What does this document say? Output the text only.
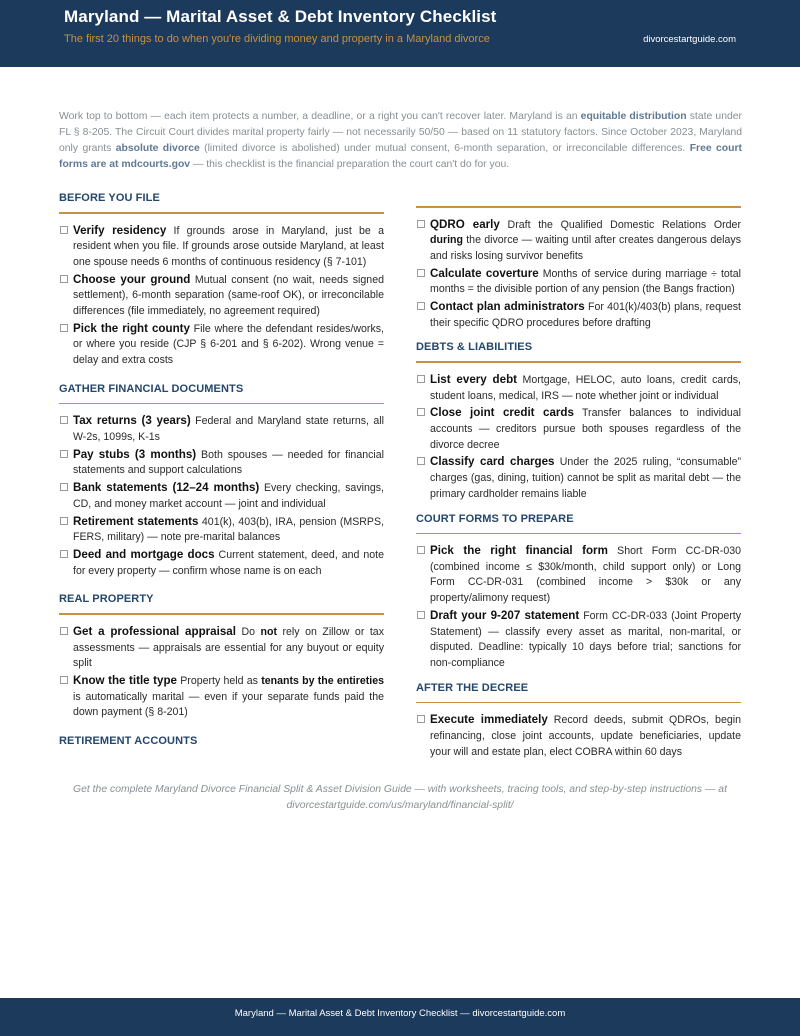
Maryland — Marital Asset & Debt Inventory Checklist
The first 20 things to do when you're dividing money and property in a Maryland divorce	divorcestartguide.com
Work top to bottom — each item protects a number, a deadline, or a right you can't recover later. Maryland is an equitable distribution state under FL § 8-205. The Circuit Court divides marital property fairly — not necessarily 50/50 — based on 11 statutory factors. Since October 2023, Maryland only grants absolute divorce (limited divorce is abolished) under mutual consent, 6-month separation, or irreconcilable differences. Free court forms are at mdcourts.gov — this checklist is the financial preparation the court can't do for you.
BEFORE YOU FILE
Verify residency If grounds arose in Maryland, just be a resident when you file. If grounds arose outside Maryland, at least one spouse needs 6 months of continuous residency (§ 7-101)
Choose your ground Mutual consent (no wait, needs signed settlement), 6-month separation (same-roof OK), or irreconcilable differences (file immediately, no agreement required)
Pick the right county File where the defendant resides/works, or where you reside (CJP § 6-201 and § 6-202). Wrong venue = delay and extra costs
GATHER FINANCIAL DOCUMENTS
Tax returns (3 years) Federal and Maryland state returns, all W-2s, 1099s, K-1s
Pay stubs (3 months) Both spouses — needed for financial statements and support calculations
Bank statements (12–24 months) Every checking, savings, CD, and money market account — joint and individual
Retirement statements 401(k), 403(b), IRA, pension (MSRPS, FERS, military) — note pre-marital balances
Deed and mortgage docs Current statement, deed, and note for every property — confirm whose name is on each
REAL PROPERTY
Get a professional appraisal Do not rely on Zillow or tax assessments — appraisals are essential for any buyout or equity split
Know the title type Property held as tenants by the entireties is automatically marital — even if your separate funds paid the down payment (§ 8-201)
RETIREMENT ACCOUNTS
QDRO early Draft the Qualified Domestic Relations Order during the divorce — waiting until after creates dangerous delays and risks losing survivor benefits
Calculate coverture Months of service during marriage ÷ total months = the divisible portion of any pension (the Bangs fraction)
Contact plan administrators For 401(k)/403(b) plans, request their specific QDRO procedures before drafting
DEBTS & LIABILITIES
List every debt Mortgage, HELOC, auto loans, credit cards, student loans, medical, IRS — note whether joint or individual
Close joint credit cards Transfer balances to individual accounts — creditors pursue both spouses regardless of the divorce decree
Classify card charges Under the 2025 ruling, “consumable” charges (gas, dining, tuition) cannot be split as marital debt — the primary cardholder remains liable
COURT FORMS TO PREPARE
Pick the right financial form Short Form CC-DR-030 (combined income ≤ $30k/month, child support only) or Long Form CC-DR-031 (combined income > $30k or any property/alimony request)
Draft your 9-207 statement Form CC-DR-033 (Joint Property Statement) — classify every asset as marital, non-marital, or disputed. Deadline: typically 10 days before trial; sanctions for non-compliance
AFTER THE DECREE
Execute immediately Record deeds, submit QDROs, begin refinancing, close joint accounts, update beneficiaries, update your will and estate plan, elect COBRA within 60 days
Get the complete Maryland Divorce Financial Split & Asset Division Guide — with worksheets, tracing tools, and step-by-step instructions — at divorcestartguide.com/us/maryland/financial-split/
Maryland — Marital Asset & Debt Inventory Checklist — divorcestartguide.com
